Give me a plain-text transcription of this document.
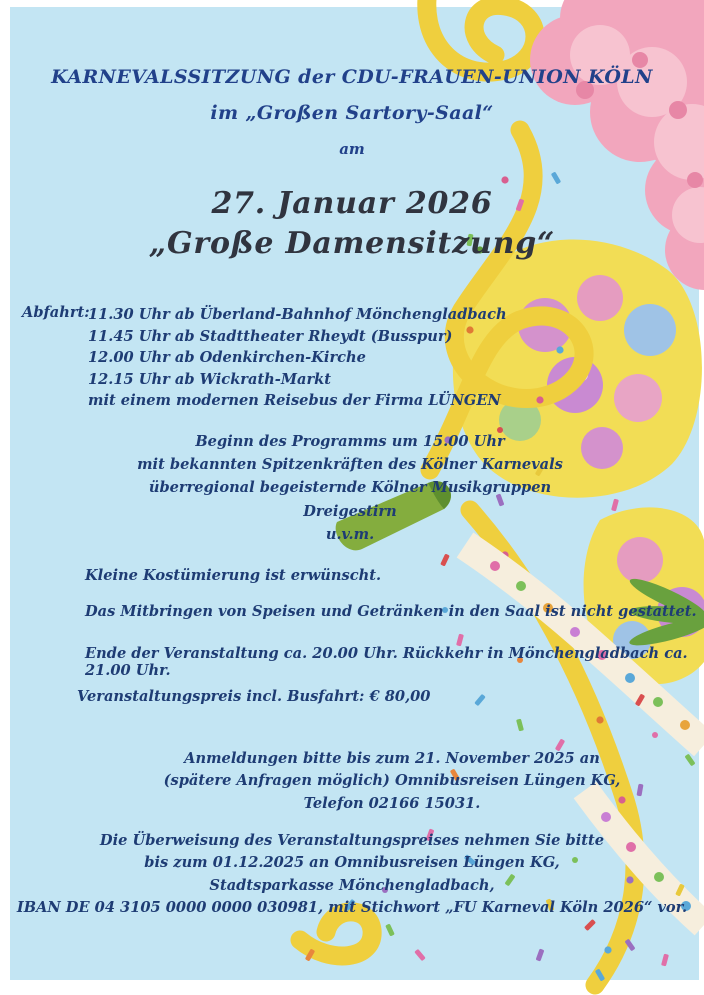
KARNEVALSSITZUNG der CDU-FRAUEN-UNION KÖLN
im „Großen Sartory-Saal“
am
27. Januar 2026
„Große Damensitzung“
Abfahrt:
11.30 Uhr ab Überland-Bahnhof Mönchengladbach
11.45 Uhr ab Stadttheater Rheydt (Busspur)
12.00 Uhr ab Odenkirchen-Kirche
12.15 Uhr ab Wickrath-Markt
mit einem modernen Reisebus der Firma LÜNGEN
Beginn des Programms um 15.00 Uhr
mit bekannten Spitzenkräften des Kölner Karnevals
überregional begeisternde Kölner Musikgruppen
Dreigestirn
u.v.m.
Kleine Kostümierung ist erwünscht.
Das Mitbringen von Speisen und Getränken in den Saal ist nicht gestattet.
Ende der Veranstaltung ca. 20.00 Uhr. Rückkehr in Mönchengladbach ca. 21.00 Uhr.
Veranstaltungspreis incl. Busfahrt: € 80,00
Anmeldungen bitte bis zum 21. November 2025 an
(spätere Anfragen möglich) Omnibusreisen Lüngen KG,
Telefon 02166 15031.
Die Überweisung des Veranstaltungspreises nehmen Sie bitte
bis zum 01.12.2025 an Omnibusreisen Lüngen KG,
Stadtsparkasse Mönchengladbach,
IBAN DE 04 3105 0000 0000 030981, mit Stichwort „FU Karneval Köln 2026“ vor.
